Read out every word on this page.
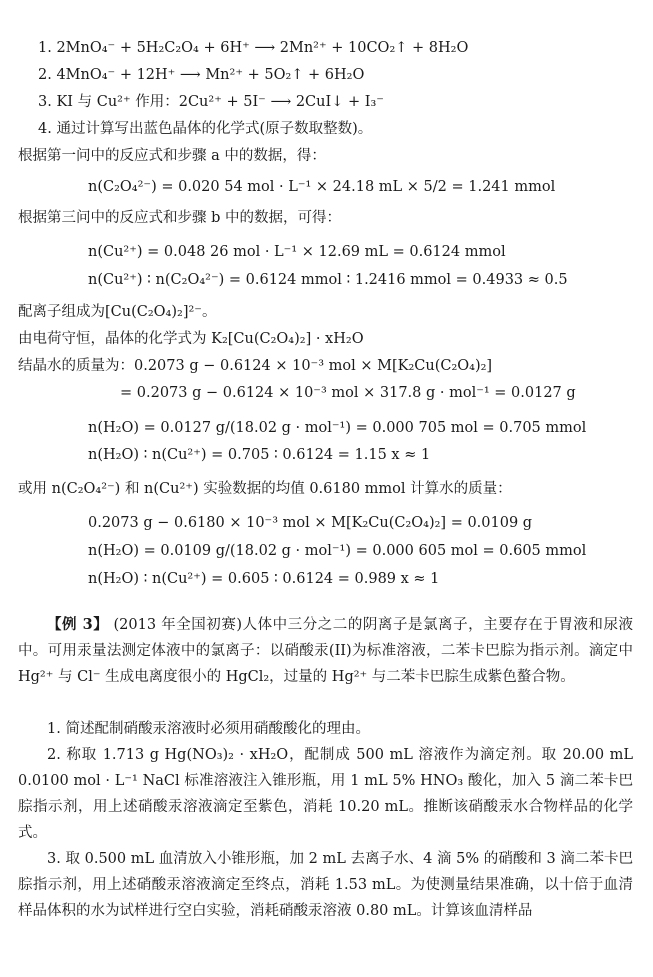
1. 2MnO₄⁻ + 5H₂C₂O₄ + 6H⁺ ⟶ 2Mn²⁺ + 10CO₂↑ + 8H₂O
2. 4MnO₄⁻ + 12H⁺ ⟶ Mn²⁺ + 5O₂↑ + 6H₂O
3. KI 与 Cu²⁺ 作用：2Cu²⁺ + 5I⁻ ⟶ 2CuI↓ + I₃⁻
4. 通过计算写出蓝色晶体的化学式(原子数取整数)。
根据第一问中的反应式和步骤 a 中的数据，得：
n(C₂O₄²⁻) = 0.020 54 mol · L⁻¹ × 24.18 mL × 5/2 = 1.241 mmol
根据第三问中的反应式和步骤 b 中的数据，可得：
n(Cu²⁺) = 0.048 26 mol · L⁻¹ × 12.69 mL = 0.6124 mmol
n(Cu²⁺) ∶ n(C₂O₄²⁻) = 0.6124 mmol ∶ 1.2416 mmol = 0.4933 ≈ 0.5
配离子组成为[Cu(C₂O₄)₂]²⁻。
由电荷守恒，晶体的化学式为 K₂[Cu(C₂O₄)₂] · xH₂O
结晶水的质量为：0.2073 g − 0.6124 × 10⁻³ mol × M[K₂Cu(C₂O₄)₂]
= 0.2073 g − 0.6124 × 10⁻³ mol × 317.8 g · mol⁻¹ = 0.0127 g
n(H₂O) = 0.0127 g/(18.02 g · mol⁻¹) = 0.000 705 mol = 0.705 mmol
n(H₂O) ∶ n(Cu²⁺) = 0.705 ∶ 0.6124 = 1.15 x ≈ 1
或用 n(C₂O₄²⁻) 和 n(Cu²⁺) 实验数据的均值 0.6180 mmol 计算水的质量：
0.2073 g − 0.6180 × 10⁻³ mol × M[K₂Cu(C₂O₄)₂] = 0.0109 g
n(H₂O) = 0.0109 g/(18.02 g · mol⁻¹) = 0.000 605 mol = 0.605 mmol
n(H₂O) ∶ n(Cu²⁺) = 0.605 ∶ 0.6124 = 0.989 x ≈ 1
【例 3】 (2013 年全国初赛)人体中三分之二的阴离子是氯离子，主要存在于胃液和尿液中。可用汞量法测定体液中的氯离子：以硝酸汞(II)为标准溶液，二苯卡巴腙为指示剂。滴定中 Hg²⁺ 与 Cl⁻ 生成电离度很小的 HgCl₂，过量的 Hg²⁺ 与二苯卡巴腙生成紫色螯合物。
1. 简述配制硝酸汞溶液时必须用硝酸酸化的理由。
2. 称取 1.713 g Hg(NO₃)₂ · xH₂O，配制成 500 mL 溶液作为滴定剂。取 20.00 mL 0.0100 mol · L⁻¹ NaCl 标准溶液注入锥形瓶，用 1 mL 5% HNO₃ 酸化，加入 5 滴二苯卡巴腙指示剂，用上述硝酸汞溶液滴定至紫色，消耗 10.20 mL。推断该硝酸汞水合物样品的化学式。
3. 取 0.500 mL 血清放入小锥形瓶，加 2 mL 去离子水、4 滴 5% 的硝酸和 3 滴二苯卡巴腙指示剂，用上述硝酸汞溶液滴定至终点，消耗 1.53 mL。为使测量结果准确，以十倍于血清样品体积的水为试样进行空白实验，消耗硝酸汞溶液 0.80 mL。计算该血清样品
